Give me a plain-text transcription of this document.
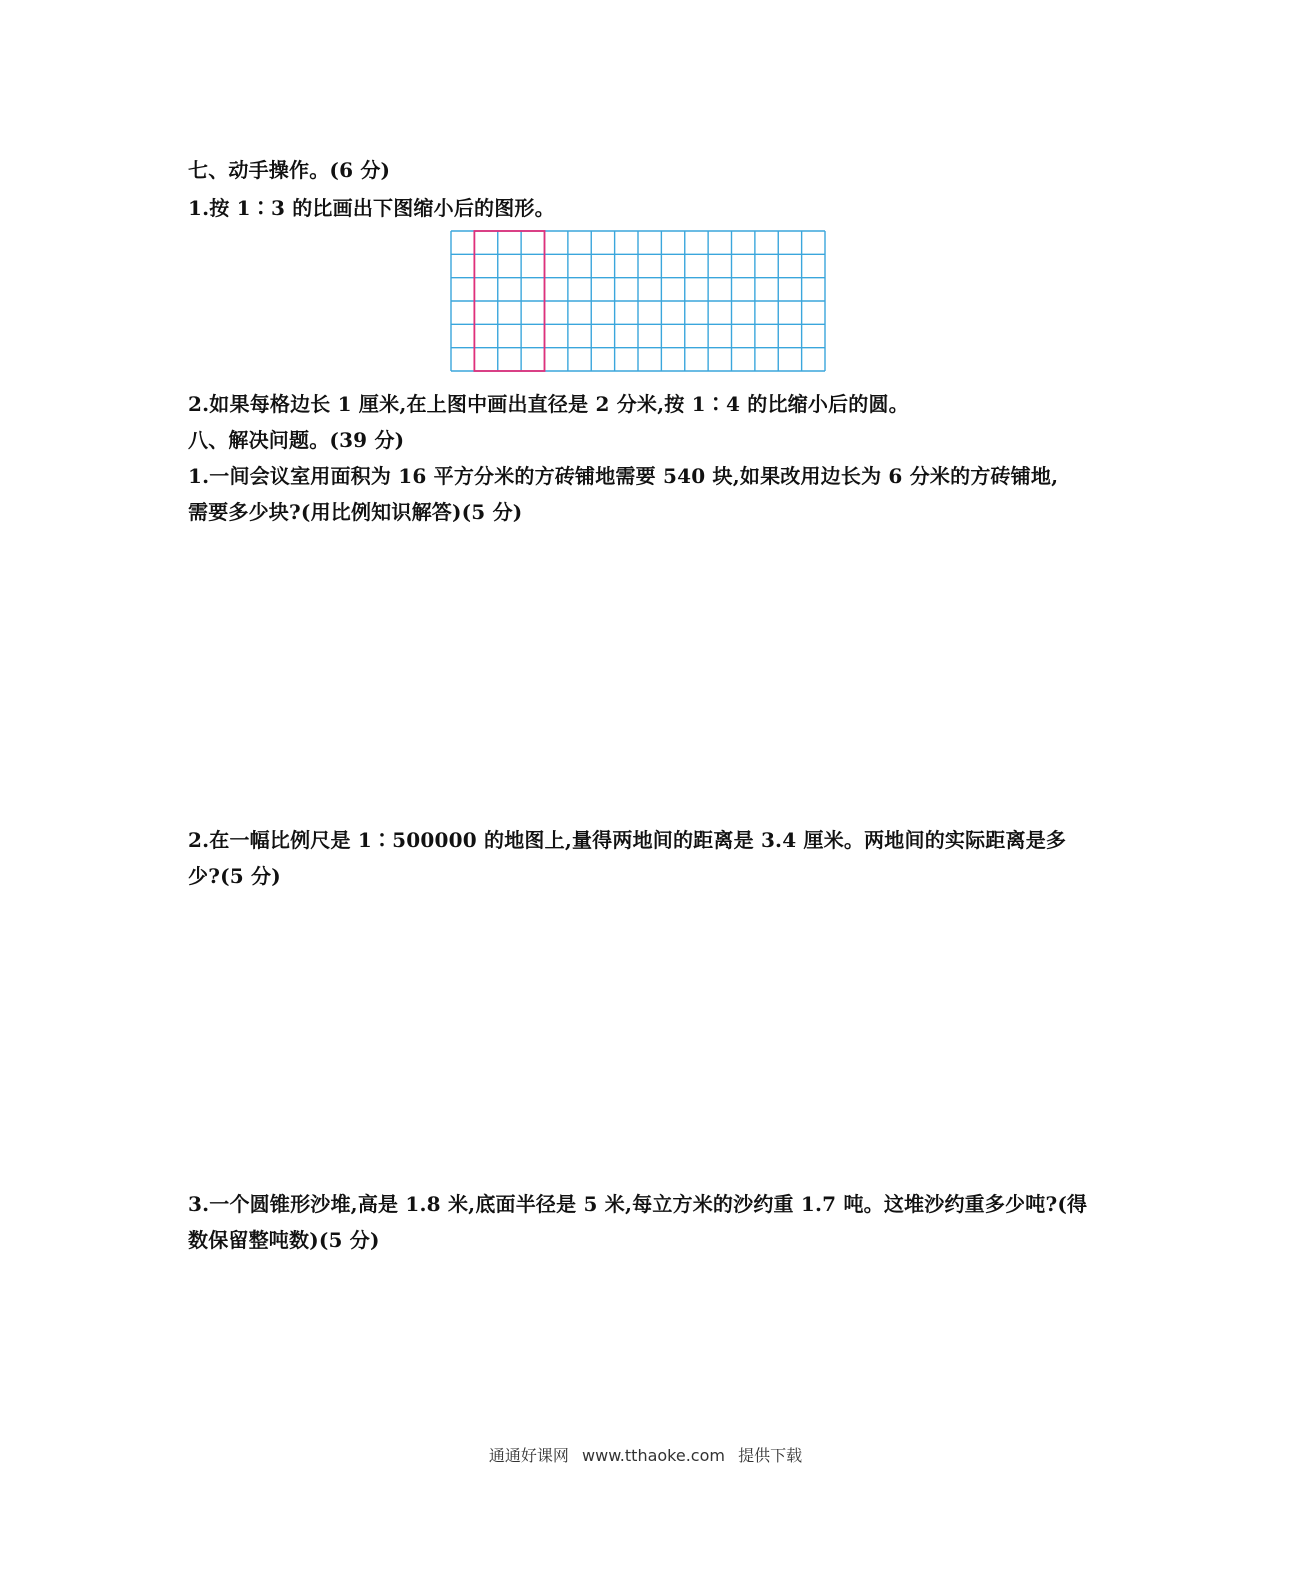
七、动手操作。(6 分)
1.按 1∶3 的比画出下图缩小后的图形。
2.如果每格边长 1 厘米,在上图中画出直径是 2 分米,按 1∶4 的比缩小后的圆。
八、解决问题。(39 分)
1.一间会议室用面积为 16 平方分米的方砖铺地需要 540 块,如果改用边长为 6 分米的方砖铺地,
需要多少块?(用比例知识解答)(5 分)
2.在一幅比例尺是 1∶500000 的地图上,量得两地间的距离是 3.4 厘米。两地间的实际距离是多
少?(5 分)
3.一个圆锥形沙堆,高是 1.8 米,底面半径是 5 米,每立方米的沙约重 1.7 吨。这堆沙约重多少吨?(得
数保留整吨数)(5 分)
通通好课网 www.tthaoke.com 提供下载
